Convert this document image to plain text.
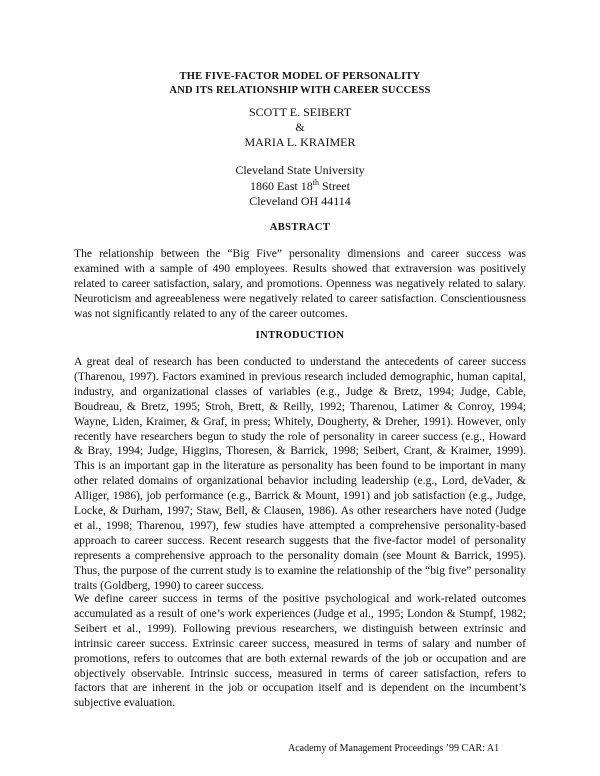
THE FIVE-FACTOR MODEL OF PERSONALITY
AND ITS RELATIONSHIP WITH CAREER SUCCESS
SCOTT E. SEIBERT
&
MARIA L. KRAIMER
Cleveland State University
1860 East 18th Street
Cleveland OH 44114
ABSTRACT
The relationship between the “Big Five” personality dimensions and career success was examined with a sample of 490 employees. Results showed that extraversion was positively related to career satisfaction, salary, and promotions. Openness was negatively related to salary. Neuroticism and agreeableness were negatively related to career satisfaction. Conscientiousness was not significantly related to any of the career outcomes.
INTRODUCTION
A great deal of research has been conducted to understand the antecedents of career success (Tharenou, 1997). Factors examined in previous research included demographic, human capital, industry, and organizational classes of variables (e.g., Judge & Bretz, 1994; Judge, Cable, Boudreau, & Bretz, 1995; Stroh, Brett, & Reilly, 1992; Tharenou, Latimer & Conroy, 1994; Wayne, Liden, Kraimer, & Graf, in press; Whitely, Dougherty, & Dreher, 1991). However, only recently have researchers begun to study the role of personality in career success (e.g., Howard & Bray, 1994; Judge, Higgins, Thoresen, & Barrick, 1998; Seibert, Crant, & Kraimer, 1999). This is an important gap in the literature as personality has been found to be important in many other related domains of organizational behavior including leadership (e.g., Lord, deVader, & Alliger, 1986), job performance (e.g., Barrick & Mount, 1991) and job satisfaction (e.g., Judge, Locke, & Durham, 1997; Staw, Bell, & Clausen, 1986). As other researchers have noted (Judge et al., 1998; Tharenou, 1997), few studies have attempted a comprehensive personality-based approach to career success. Recent research suggests that the five-factor model of personality represents a comprehensive approach to the personality domain (see Mount & Barrick, 1995). Thus, the purpose of the current study is to examine the relationship of the “big five” personality traits (Goldberg, 1990) to career success.
We define career success in terms of the positive psychological and work-related outcomes accumulated as a result of one’s work experiences (Judge et al., 1995; London & Stumpf, 1982; Seibert et al., 1999). Following previous researchers, we distinguish between extrinsic and intrinsic career success. Extrinsic career success, measured in terms of salary and number of promotions, refers to outcomes that are both external rewards of the job or occupation and are objectively observable. Intrinsic success, measured in terms of career satisfaction, refers to factors that are inherent in the job or occupation itself and is dependent on the incumbent’s subjective evaluation.
Academy of Management Proceedings ’99 CAR: A1
